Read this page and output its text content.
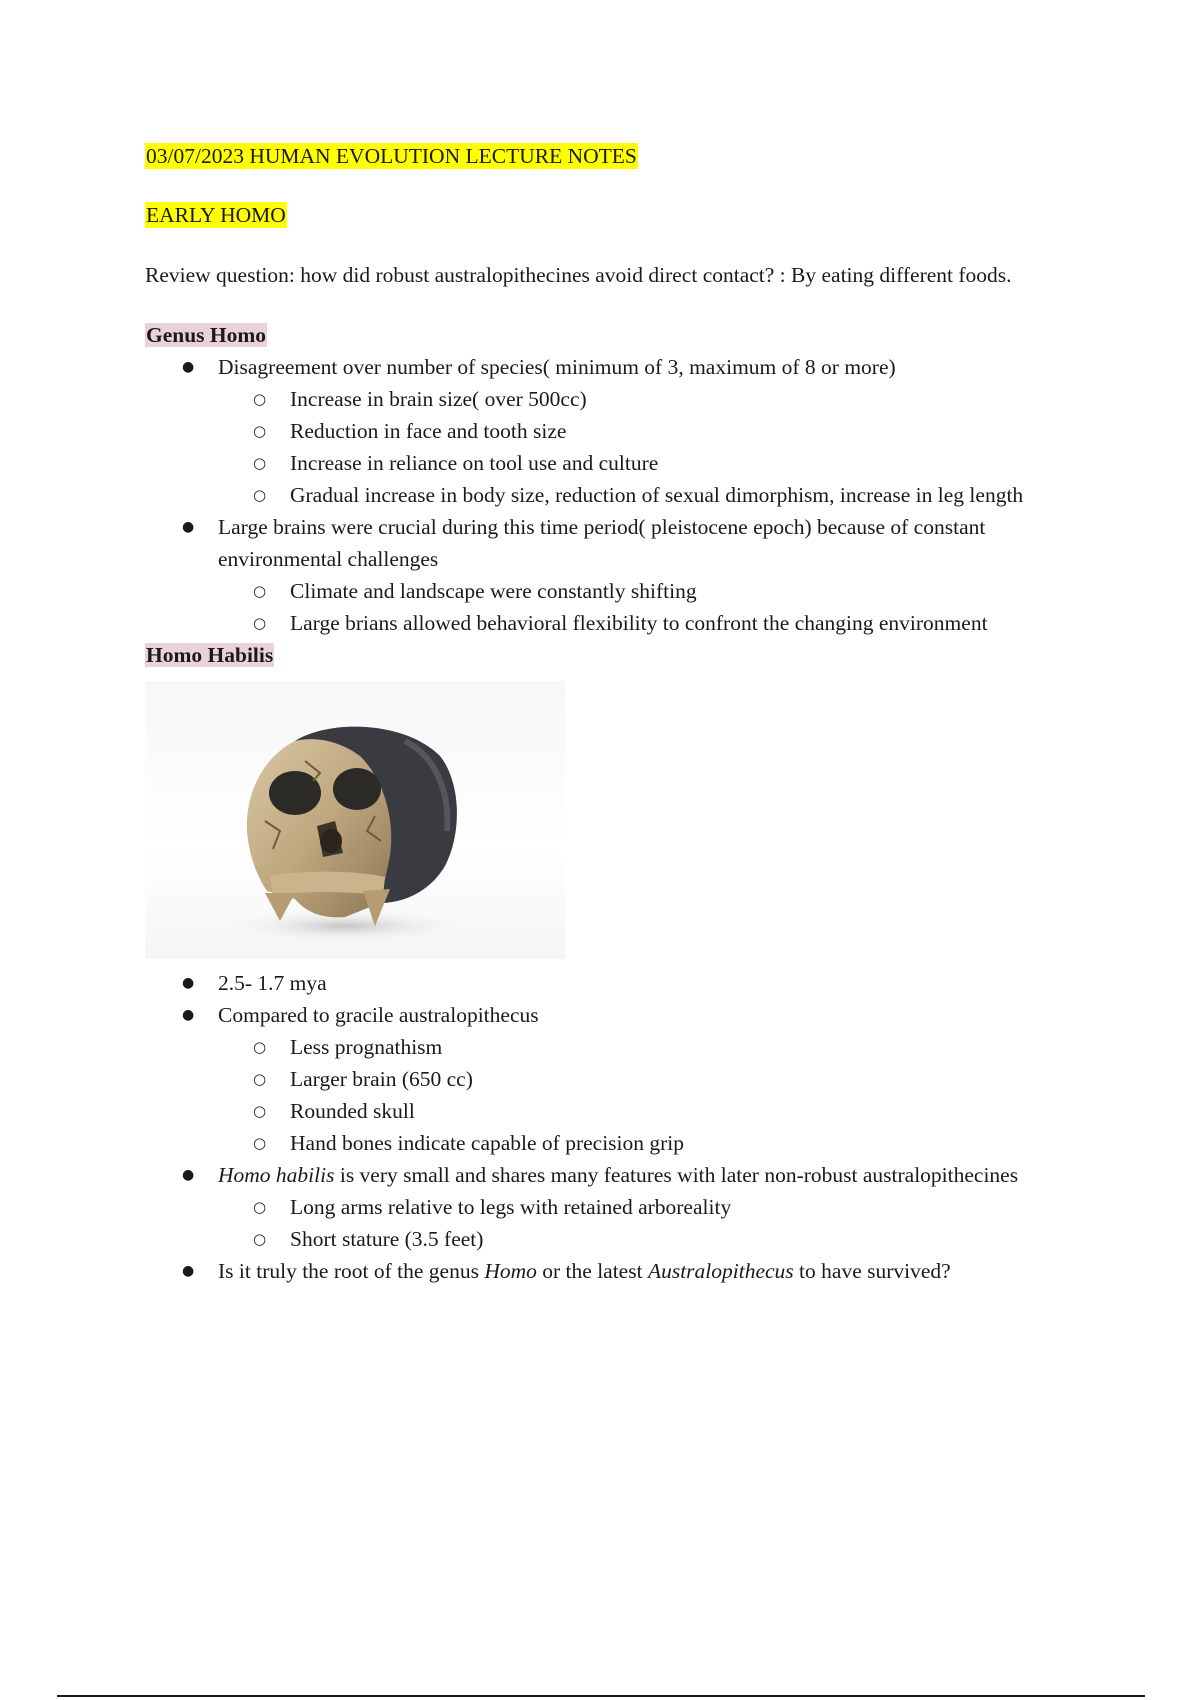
03/07/2023 HUMAN EVOLUTION LECTURE NOTES

EARLY HOMO

Review question: how did robust australopithecines avoid direct contact? : By eating different foods.

Genus Homo

● Disagreement over number of species( minimum of 3, maximum of 8 or more)
○ Increase in brain size( over 500cc)
○ Reduction in face and tooth size
○ Increase in reliance on tool use and culture
○ Gradual increase in body size, reduction of sexual dimorphism, increase in leg length
● Large brains were crucial during this time period( pleistocene epoch) because of constant environmental challenges
○ Climate and landscape were constantly shifting
○ Large brians allowed behavioral flexibility to confront the changing environment

Homo Habilis

● 2.5- 1.7 mya
● Compared to gracile australopithecus
○ Less prognathism
○ Larger brain (650 cc)
○ Rounded skull
○ Hand bones indicate capable of precision grip
● Homo habilis is very small and shares many features with later non-robust australopithecines
○ Long arms relative to legs with retained arboreality
○ Short stature (3.5 feet)
● Is it truly the root of the genus Homo or the latest Australopithecus to have survived?
